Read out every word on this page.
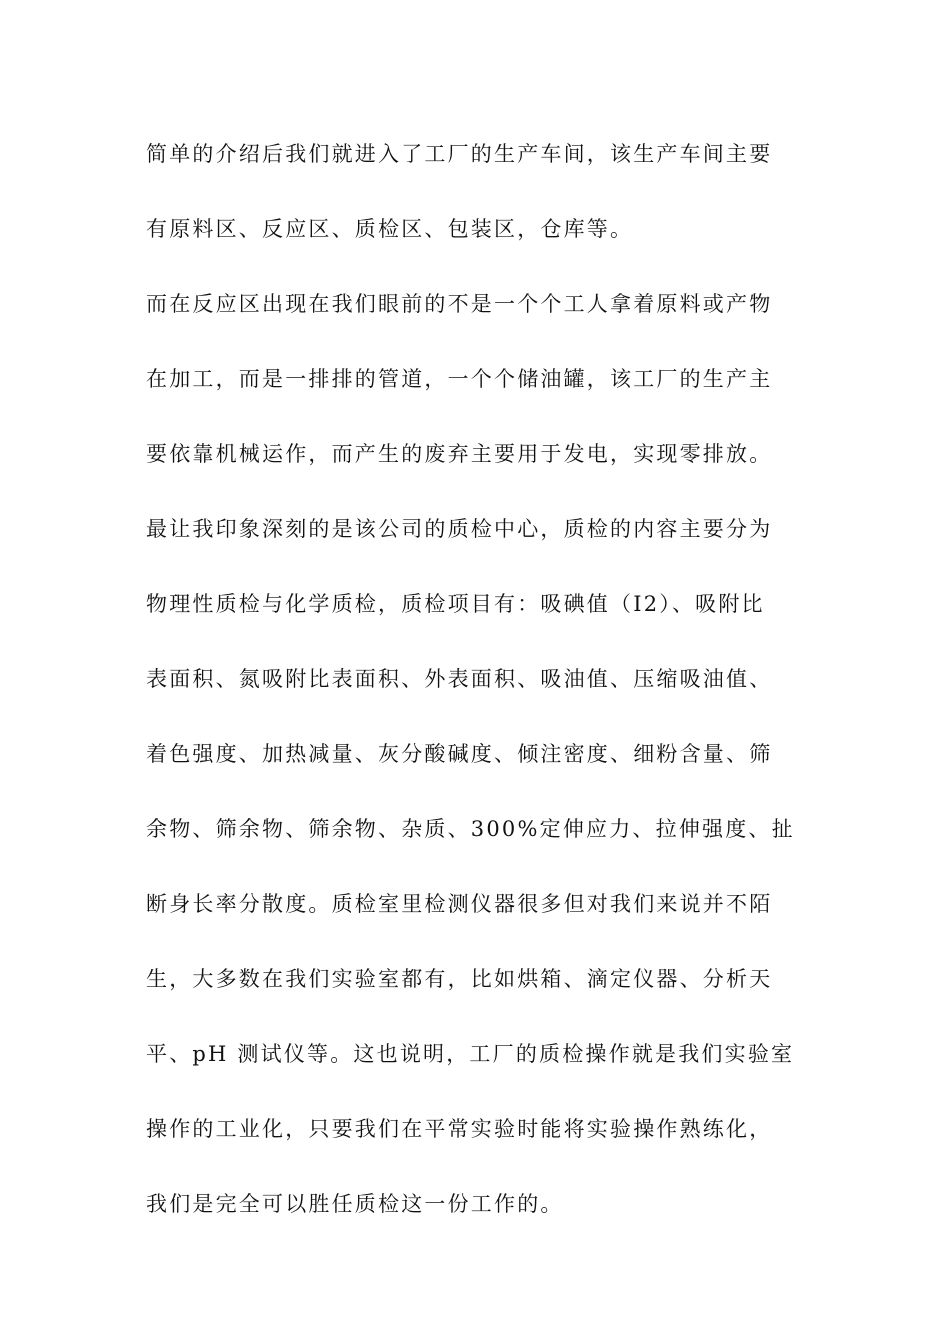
简单的介绍后我们就进入了工厂的生产车间，该生产车间主要
有原料区、反应区、质检区、包装区，仓库等。
而在反应区出现在我们眼前的不是一个个工人拿着原料或产物
在加工，而是一排排的管道，一个个储油罐，该工厂的生产主
要依靠机械运作，而产生的废弃主要用于发电，实现零排放。
最让我印象深刻的是该公司的质检中心，质检的内容主要分为
物理性质检与化学质检，质检项目有：吸碘值（I2）、吸附比
表面积、氮吸附比表面积、外表面积、吸油值、压缩吸油值、
着色强度、加热减量、灰分酸碱度、倾注密度、细粉含量、筛
余物、筛余物、筛余物、杂质、300%定伸应力、拉伸强度、扯
断身长率分散度。质检室里检测仪器很多但对我们来说并不陌
生，大多数在我们实验室都有，比如烘箱、滴定仪器、分析天
平、pH 测试仪等。这也说明，工厂的质检操作就是我们实验室
操作的工业化，只要我们在平常实验时能将实验操作熟练化，
我们是完全可以胜任质检这一份工作的。
